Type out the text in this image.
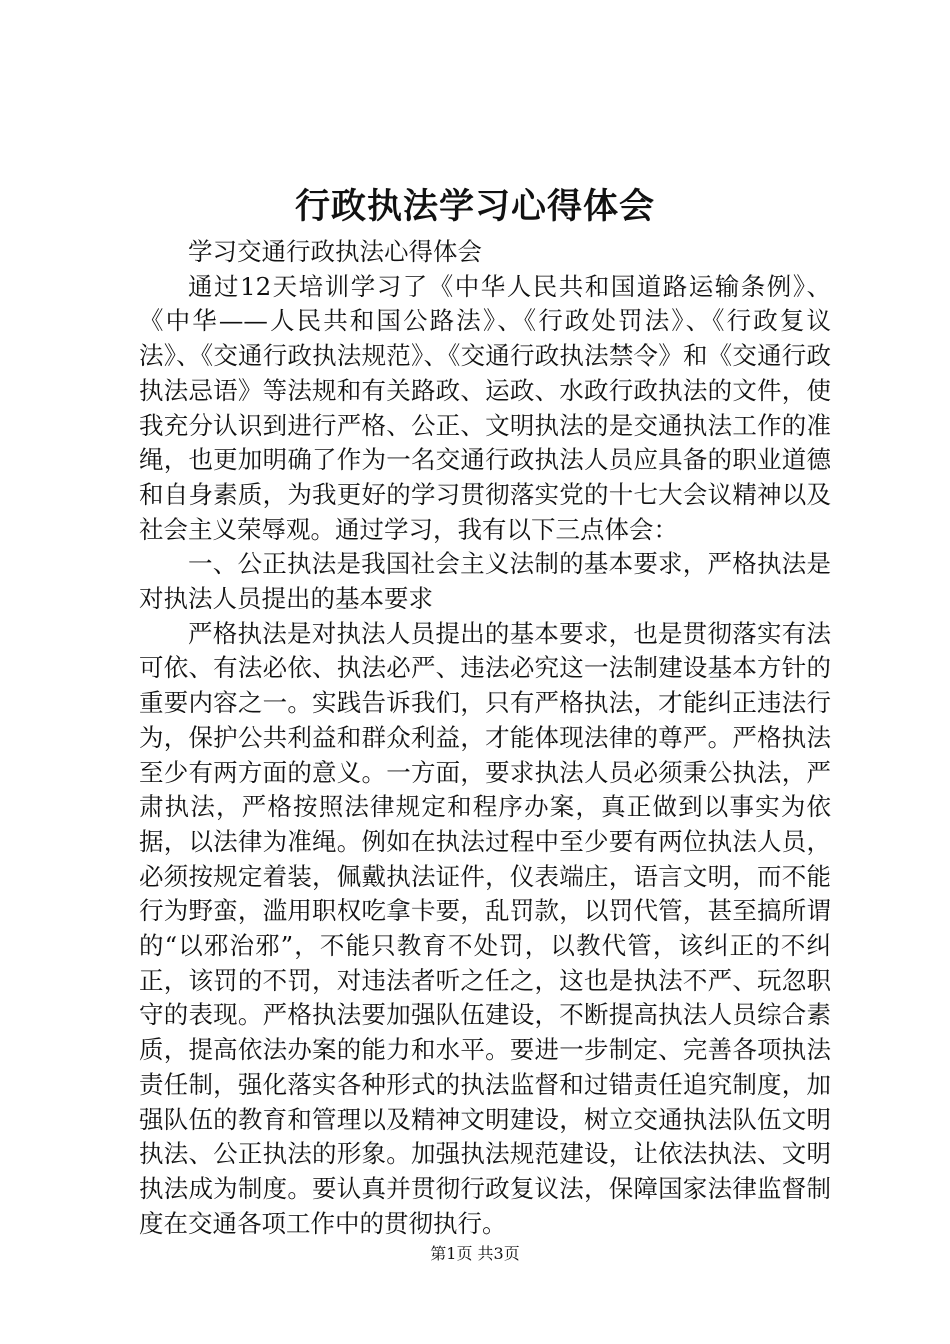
行政执法学习心得体会

学习交通行政执法心得体会

通过12天培训学习了《中华人民共和国道路运输条例》、《中华——人民共和国公路法》、《行政处罚法》、《行政复议法》、《交通行政执法规范》、《交通行政执法禁令》和《交通行政执法忌语》等法规和有关路政、运政、水政行政执法的文件，使我充分认识到进行严格、公正、文明执法的是交通执法工作的准绳，也更加明确了作为一名交通行政执法人员应具备的职业道德和自身素质，为我更好的学习贯彻落实党的十七大会议精神以及社会主义荣辱观。通过学习，我有以下三点体会：

一、公正执法是我国社会主义法制的基本要求，严格执法是对执法人员提出的基本要求

严格执法是对执法人员提出的基本要求，也是贯彻落实有法可依、有法必依、执法必严、违法必究这一法制建设基本方针的重要内容之一。实践告诉我们，只有严格执法，才能纠正违法行为，保护公共利益和群众利益，才能体现法律的尊严。严格执法至少有两方面的意义。一方面，要求执法人员必须秉公执法，严肃执法，严格按照法律规定和程序办案，真正做到以事实为依据，以法律为准绳。例如在执法过程中至少要有两位执法人员，必须按规定着装，佩戴执法证件，仪表端庄，语言文明，而不能行为野蛮，滥用职权吃拿卡要，乱罚款，以罚代管，甚至搞所谓的“以邪治邪”，不能只教育不处罚，以教代管，该纠正的不纠正，该罚的不罚，对违法者听之任之，这也是执法不严、玩忽职守的表现。严格执法要加强队伍建设，不断提高执法人员综合素质，提高依法办案的能力和水平。要进一步制定、完善各项执法责任制，强化落实各种形式的执法监督和过错责任追究制度，加强队伍的教育和管理以及精神文明建设，树立交通执法队伍文明执法、公正执法的形象。加强执法规范建设，让依法执法、文明执法成为制度。要认真并贯彻行政复议法，保障国家法律监督制度在交通各项工作中的贯彻执行。

第1页 共3页
